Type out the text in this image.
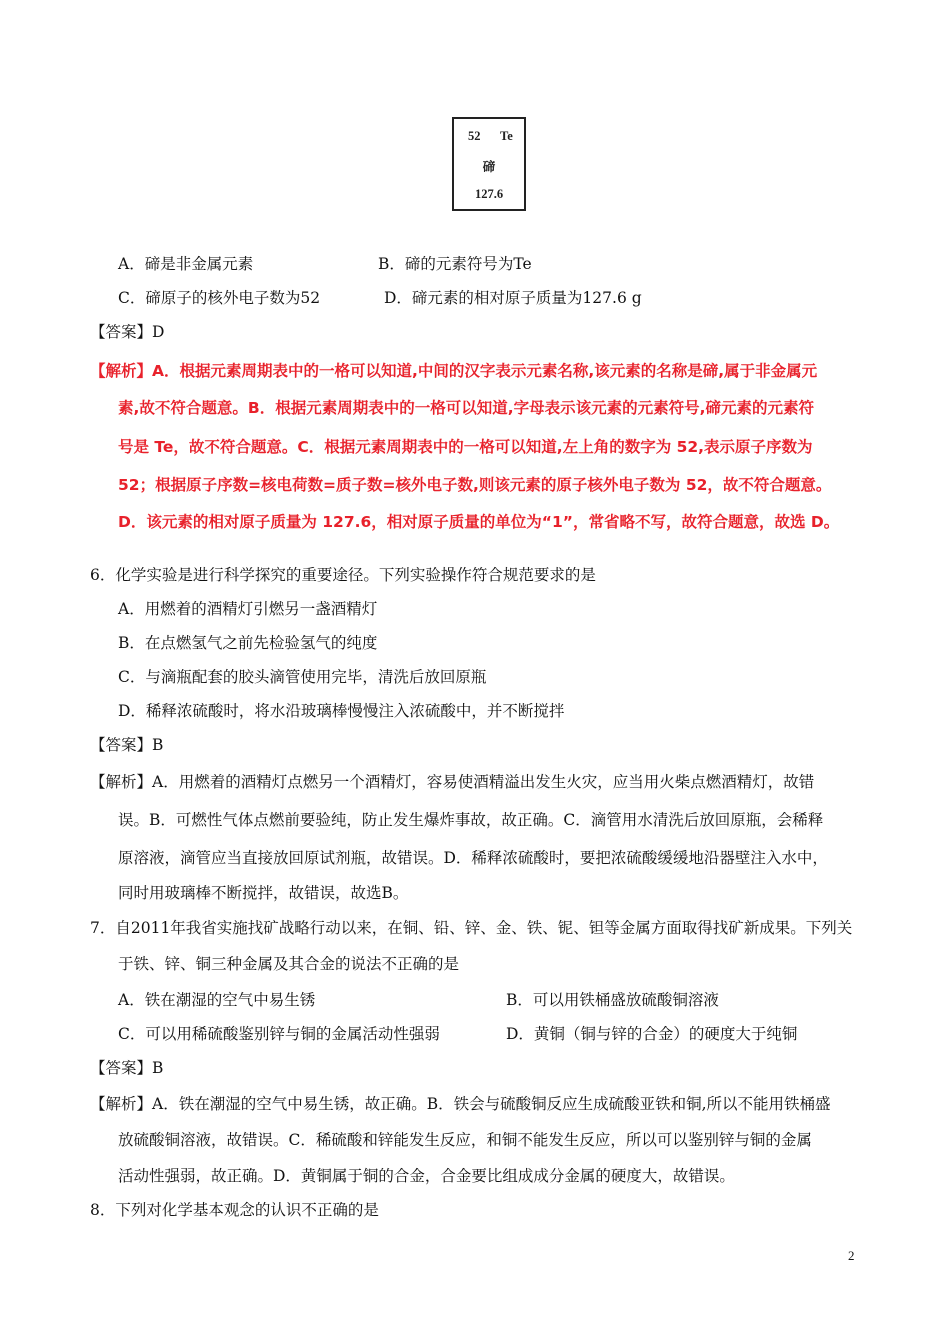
52 Te
碲
127.6
A．碲是非金属元素	B．碲的元素符号为Te
C．碲原子的核外电子数为52	D．碲元素的相对原子质量为127.6 g
【答案】D
【解析】A．根据元素周期表中的一格可以知道,中间的汉字表示元素名称,该元素的名称是碲,属于非金属元
素,故不符合题意。B．根据元素周期表中的一格可以知道,字母表示该元素的元素符号,碲元素的元素符
号是 Te，故不符合题意。C．根据元素周期表中的一格可以知道,左上角的数字为 52,表示原子序数为
52；根据原子序数=核电荷数=质子数=核外电子数,则该元素的原子核外电子数为 52，故不符合题意。
D．该元素的相对原子质量为 127.6，相对原子质量的单位为“1”，常省略不写，故符合题意，故选 D。
6．化学实验是进行科学探究的重要途径。下列实验操作符合规范要求的是
A．用燃着的酒精灯引燃另一盏酒精灯
B．在点燃氢气之前先检验氢气的纯度
C．与滴瓶配套的胶头滴管使用完毕，清洗后放回原瓶
D．稀释浓硫酸时，将水沿玻璃棒慢慢注入浓硫酸中，并不断搅拌
【答案】B
【解析】A．用燃着的酒精灯点燃另一个酒精灯，容易使酒精溢出发生火灾，应当用火柴点燃酒精灯，故错
误。B．可燃性气体点燃前要验纯，防止发生爆炸事故，故正确。C．滴管用水清洗后放回原瓶，会稀释
原溶液，滴管应当直接放回原试剂瓶，故错误。D．稀释浓硫酸时，要把浓硫酸缓缓地沿器壁注入水中，
同时用玻璃棒不断搅拌，故错误，故选B。
7．自2011年我省实施找矿战略行动以来，在铜、铅、锌、金、铁、铌、钽等金属方面取得找矿新成果。下列关
于铁、锌、铜三种金属及其合金的说法不正确的是
A．铁在潮湿的空气中易生锈	B．可以用铁桶盛放硫酸铜溶液
C．可以用稀硫酸鉴别锌与铜的金属活动性强弱	D．黄铜（铜与锌的合金）的硬度大于纯铜
【答案】B
【解析】A．铁在潮湿的空气中易生锈，故正确。B．铁会与硫酸铜反应生成硫酸亚铁和铜,所以不能用铁桶盛
放硫酸铜溶液，故错误。C．稀硫酸和锌能发生反应，和铜不能发生反应，所以可以鉴别锌与铜的金属
活动性强弱，故正确。D．黄铜属于铜的合金，合金要比组成成分金属的硬度大，故错误。
8．下列对化学基本观念的认识不正确的是
2
